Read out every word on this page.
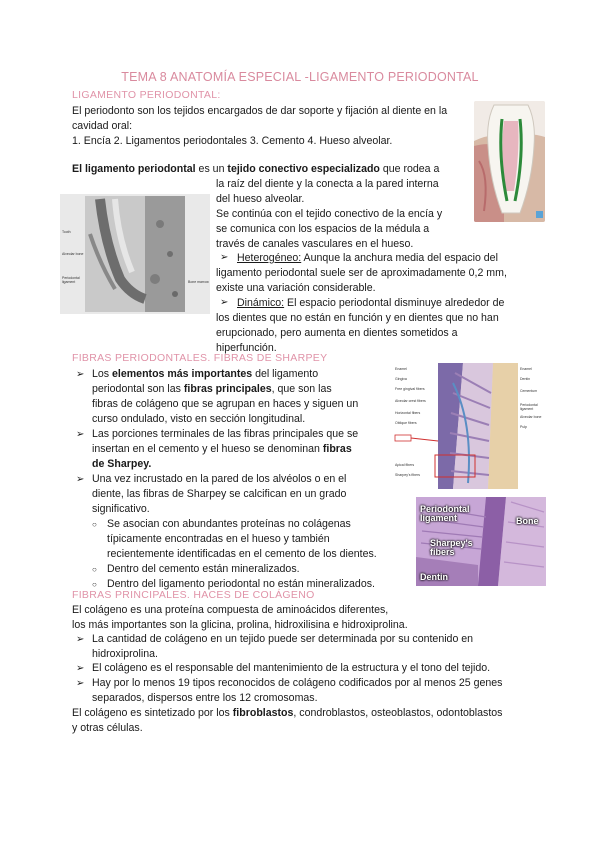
TEMA 8 ANATOMÍA ESPECIAL -LIGAMENTO PERIODONTAL
LIGAMENTO PERIODONTAL:
El periodonto son los tejidos encargados de dar soporte y fijación al diente en la
cavidad oral:
1. Encía 2. Ligamentos periodontales 3. Cemento 4. Hueso alveolar.
El ligamento periodontal es un tejido conectivo especializado que rodea a
la raíz del diente y la conecta a la pared interna
del hueso alveolar.
Se continúa con el tejido conectivo de la encía y
se comunica con los espacios de la médula a
través de canales vasculares en el hueso.
Tooth
Alveolar bone
Periodontal ligament	Bone marrow
➢ Heterogéneo: Aunque la anchura media del espacio del
ligamento periodontal suele ser de aproximadamente 0,2 mm,
existe una variación considerable.
➢ Dinámico: El espacio periodontal disminuye alrededor de
los dientes que no están en función y en dientes que no han
erupcionado, pero aumenta en dientes sometidos a
hiperfunción.
FIBRAS PERIODONTALES. FIBRAS DE SHARPEY
➢ Los elementos más importantes del ligamento
periodontal son las fibras principales, que son las
fibras de colágeno que se agrupan en haces y siguen un
curso ondulado, visto en sección longitudinal.
➢ Las porciones terminales de las fibras principales que se
insertan en el cemento y el hueso se denominan fibras
de Sharpey.
➢ Una vez incrustado en la pared de los alvéolos o en el
diente, las fibras de Sharpey se calcifican en un grado
significativo.
○ Se asocian con abundantes proteínas no colágenas
típicamente encontradas en el hueso y también
recientemente identificadas en el cemento de los dientes.
○ Dentro del cemento están mineralizados.
○ Dentro del ligamento periodontal no están mineralizados.
Enamel
Gingiva
Free gingival fibers
Alveolar crest fibers
Horizontal fibers
Oblique fibers
Apical fibers
Sharpey's fibers
Enamel
Dentin
Cementum
Periodontal ligament
Alveolar bone
Pulp
Periodontal ligament	Bone
Sharpey's fibers
Dentin
FIBRAS PRINCIPALES. HACES DE COLÁGENO
El colágeno es una proteína compuesta de aminoácidos diferentes,
los más importantes son la glicina, prolina, hidroxilisina e hidroxiprolina.
➢ La cantidad de colágeno en un tejido puede ser determinada por su contenido en
hidroxiprolina.
➢ El colágeno es el responsable del mantenimiento de la estructura y el tono del tejido.
➢ Hay por lo menos 19 tipos reconocidos de colágeno codificados por al menos 25 genes
separados, dispersos entre los 12 cromosomas.
El colágeno es sintetizado por los fibroblastos, condroblastos, osteoblastos, odontoblastos
y otras células.
